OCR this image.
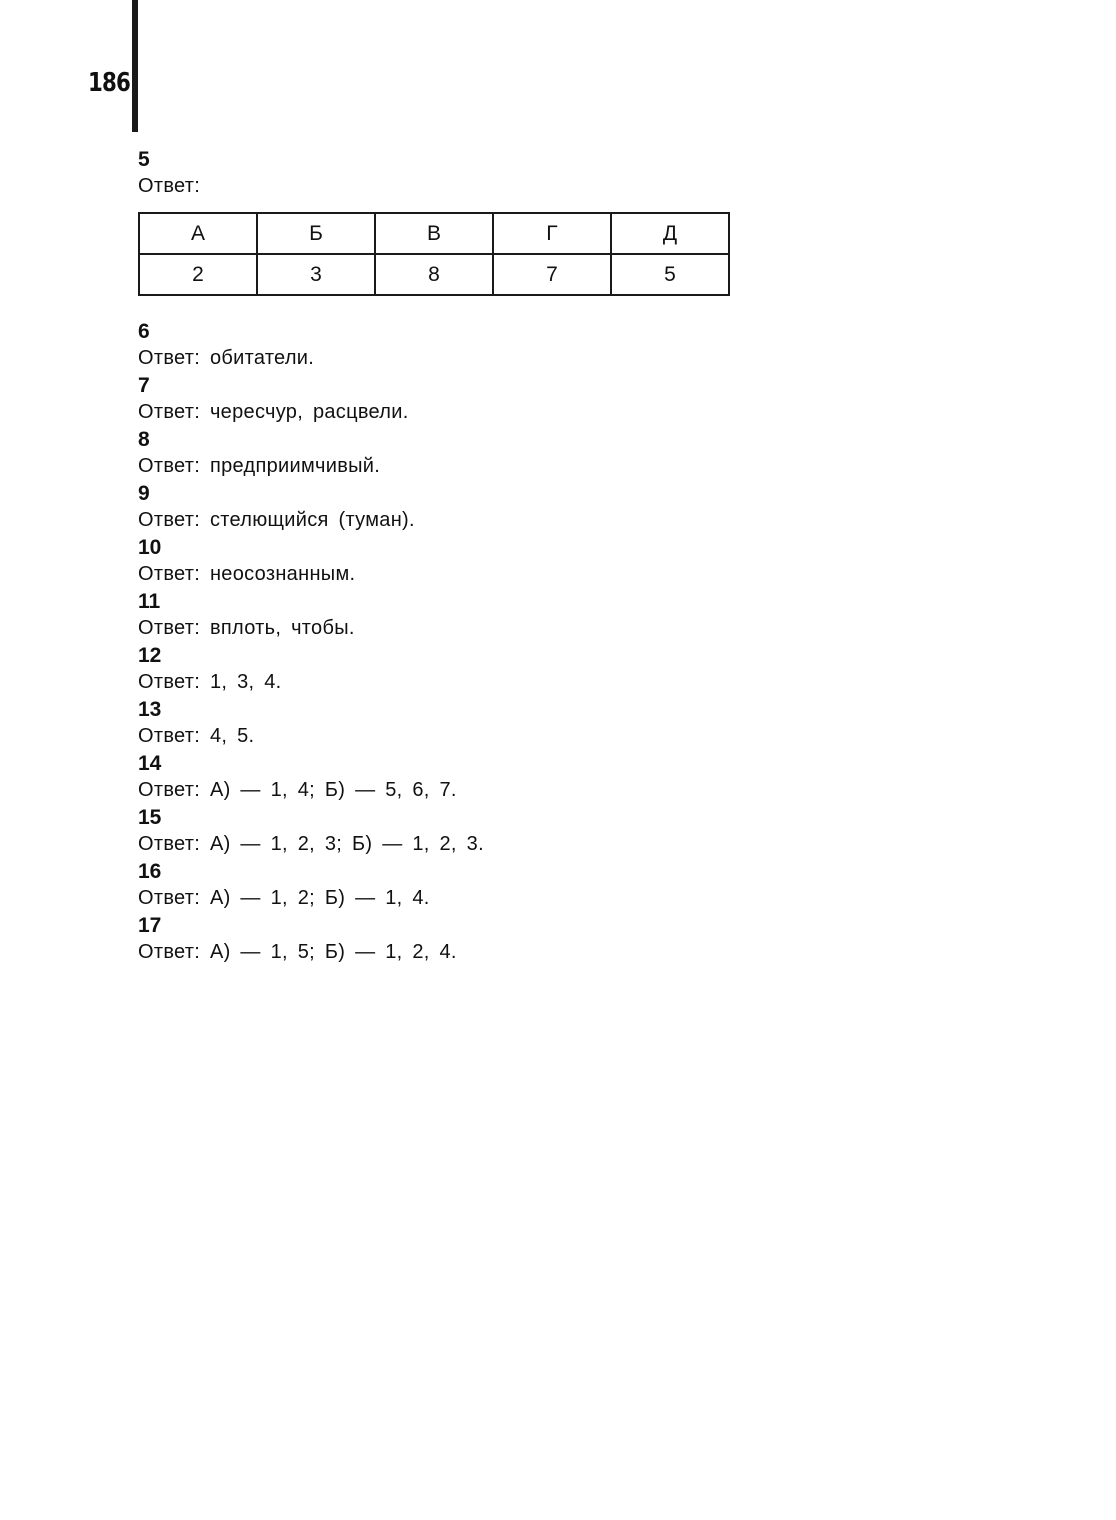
186
5
Ответ:
А	Б	В	Г	Д
2	3	8	7	5
6
Ответ: обитатели.
7
Ответ: чересчур, расцвели.
8
Ответ: предприимчивый.
9
Ответ: стелющийся (туман).
10
Ответ: неосознанным.
11
Ответ: вплоть, чтобы.
12
Ответ: 1, 3, 4.
13
Ответ: 4, 5.
14
Ответ: А) — 1, 4; Б) — 5, 6, 7.
15
Ответ: А) — 1, 2, 3; Б) — 1, 2, 3.
16
Ответ: А) — 1, 2; Б) — 1, 4.
17
Ответ: А) — 1, 5; Б) — 1, 2, 4.
